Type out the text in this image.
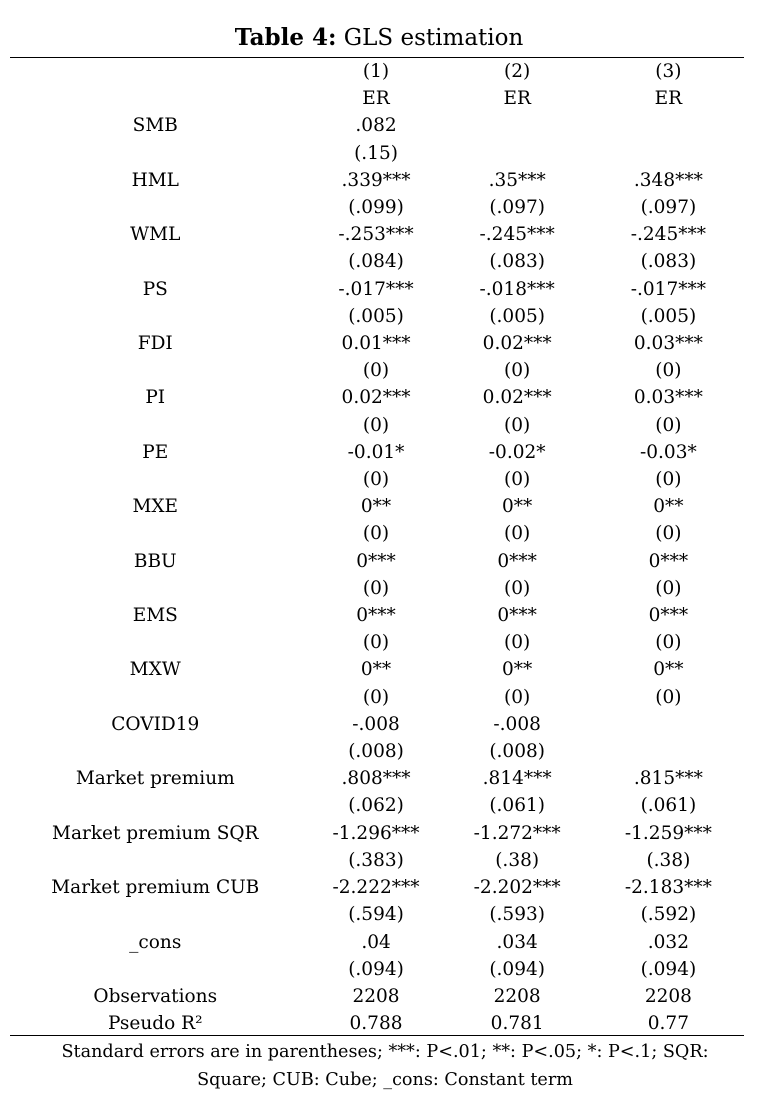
Table 4: GLS estimation
	(1)	(2)	(3)
	ER	ER	ER
SMB	.082		
	(.15)		
HML	.339***	.35***	.348***
	(.099)	(.097)	(.097)
WML	-.253***	-.245***	-.245***
	(.084)	(.083)	(.083)
PS	-.017***	-.018***	-.017***
	(.005)	(.005)	(.005)
FDI	0.01***	0.02***	0.03***
	(0)	(0)	(0)
PI	0.02***	0.02***	0.03***
	(0)	(0)	(0)
PE	-0.01*	-0.02*	-0.03*
	(0)	(0)	(0)
MXE	0**	0**	0**
	(0)	(0)	(0)
BBU	0***	0***	0***
	(0)	(0)	(0)
EMS	0***	0***	0***
	(0)	(0)	(0)
MXW	0**	0**	0**
	(0)	(0)	(0)
COVID19	-.008	-.008	
	(.008)	(.008)	
Market premium	.808***	.814***	.815***
	(.062)	(.061)	(.061)
Market premium SQR	-1.296***	-1.272***	-1.259***
	(.383)	(.38)	(.38)
Market premium CUB	-2.222***	-2.202***	-2.183***
	(.594)	(.593)	(.592)
_cons	.04	.034	.032
	(.094)	(.094)	(.094)
Observations	2208	2208	2208
Pseudo R²	0.788	0.781	0.77
Standard errors are in parentheses; ***: P<.01; **: P<.05; *: P<.1; SQR:
Square; CUB: Cube; _cons: Constant term
